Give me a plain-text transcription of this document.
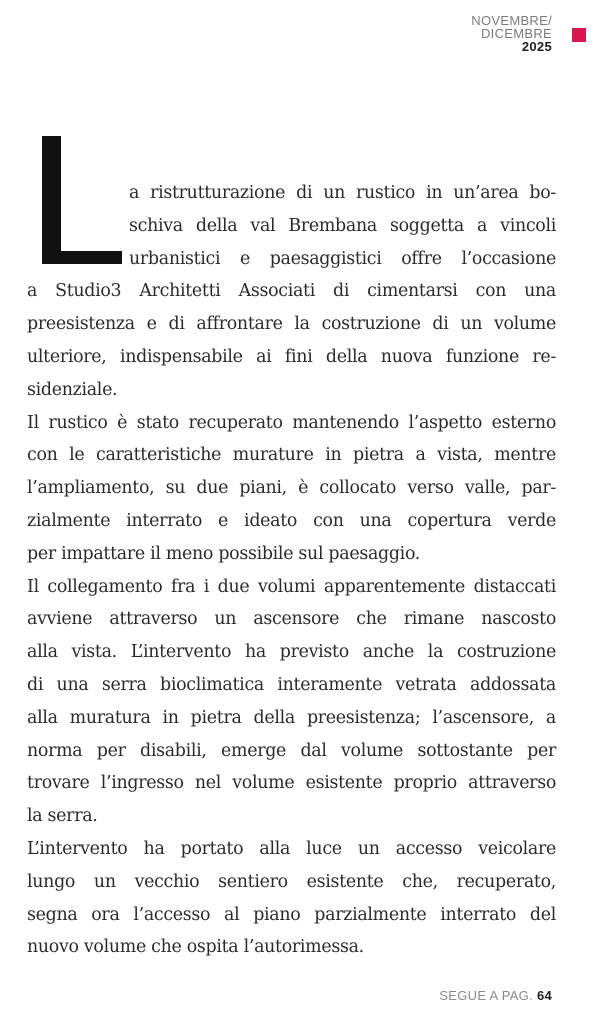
NOVEMBRE/
DICEMBRE
2025
a ristrutturazione di un rustico in un’area bo-
schiva della val Brembana soggetta a vincoli
urbanistici e paesaggistici offre l’occasione
a Studio3 Architetti Associati di cimentarsi con una
preesistenza e di affrontare la costruzione di un volume
ulteriore, indispensabile ai fini della nuova funzione re-
sidenziale.
Il rustico è stato recuperato mantenendo l’aspetto esterno
con le caratteristiche murature in pietra a vista, mentre
l’ampliamento, su due piani, è collocato verso valle, par-
zialmente interrato e ideato con una copertura verde
per impattare il meno possibile sul paesaggio.
Il collegamento fra i due volumi apparentemente distaccati
avviene attraverso un ascensore che rimane nascosto
alla vista. L’intervento ha previsto anche la costruzione
di una serra bioclimatica interamente vetrata addossata
alla muratura in pietra della preesistenza; l’ascensore, a
norma per disabili, emerge dal volume sottostante per
trovare l’ingresso nel volume esistente proprio attraverso
la serra.
L’intervento ha portato alla luce un accesso veicolare
lungo un vecchio sentiero esistente che, recuperato,
segna ora l’accesso al piano parzialmente interrato del
nuovo volume che ospita l’autorimessa.
SEGUE A PAG. 64
